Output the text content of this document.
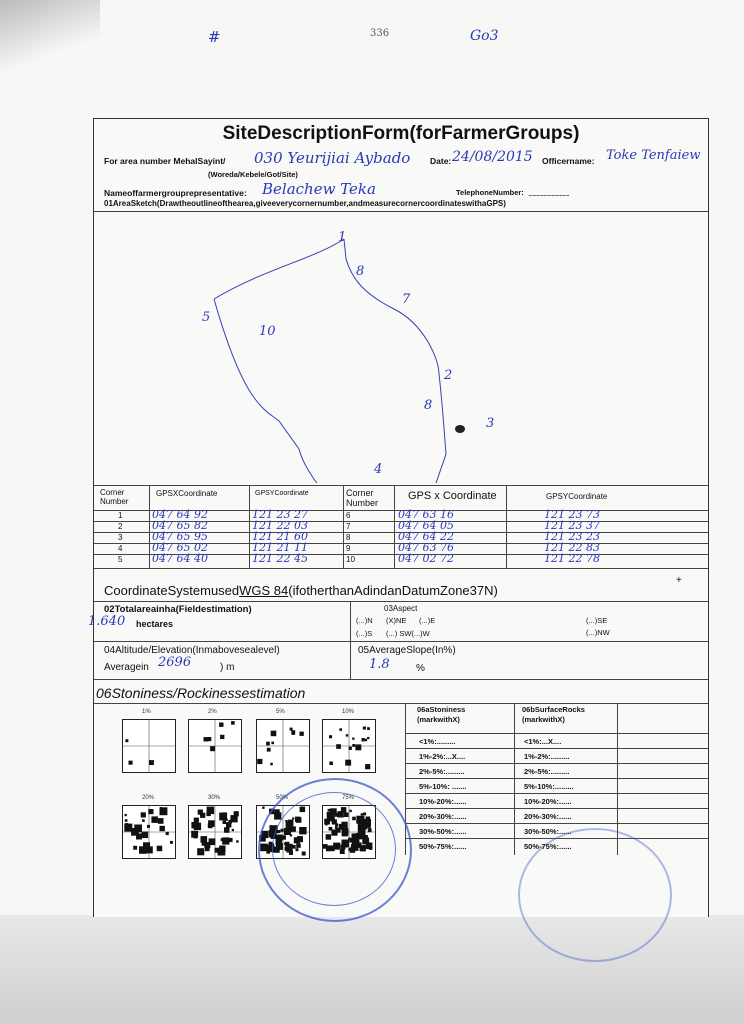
#	336	Go3
SiteDescriptionForm(forFarmerGroups)
For area number MehalSayint/ 030 Yeurijiai Aybado
(Woreda/Kebele/Got/Site)
Date: 24/08/2015 Officername: Toke Tenfaiew
Nameoffarmergrouprepresentative: Belachew Teka	TelephoneNumber: ..............................
01AreaSketch(Drawtheoutlineofthearea,giveeverycornernumber,andmeasurecornercoordinateswithaGPS)
1
8
7
5
10
2
8
3
4
Corner Number
GPSXCoordinate	GPSYCoordinate	Corner Number
GPS x Coordinate	GPSYCoordinate
1	047 64 92	121 23 27
2	047 65 82	121 22 03
3	047 65 95	121 21 60
4	047 65 02	121 21 11
5	047 64 40	121 22 45
6	047 63 16	121 23 73
7	047 64 05	121 23 37
8	047 64 22	121 23 23
9	047 63 76	121 22 83
10	047 02 72	121 22 78
CoordinateSystemusedWGS 84(ifotherthanAdindanDatumZone37N)
+
02Totalareainha(Fieldestimation)
1.640 hectares
03Aspect
(...)N (X)NE (...)E
(...)S (...) SW(...)W
(...)SE
(...)NW
04Altitude/Elevation(Inmabovesealevel)
Averagein 2696	) m
05AverageSlope(In%)
1.8	%
06Stoniness/Rockinessestimation
1%	2%	5%	10%
20%	30%	50%	75%
06aStoniness (markwithX)
06bSurfaceRocks (markwithX)
<1%:.........	<1%:...X....
1%-2%:...X....	1%-2%:.........
2%-5%:.........	2%-5%:.........
5%-10%: .......	5%-10%:.........
10%-20%:......	10%-20%:......
20%-30%:......	20%-30%:......
30%-50%:......	30%-50%:......
50%-75%:......	50%-75%:......
